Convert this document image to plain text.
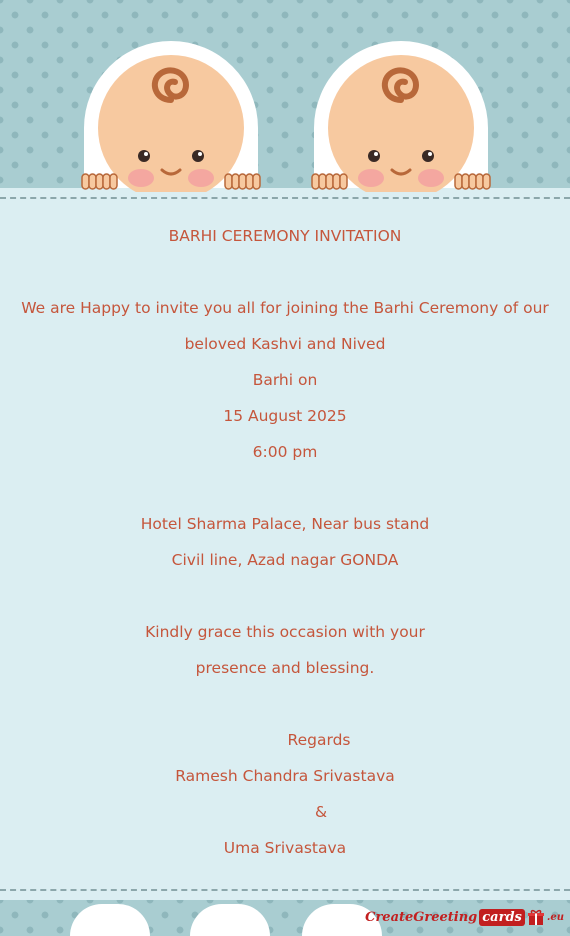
BARHI CEREMONY INVITATION
We are Happy to invite you all for joining the Barhi Ceremony of our
beloved Kashvi and Nived
Barhi on
15 August 2025
6:00 pm
Hotel Sharma Palace, Near bus stand
Civil line, Azad nagar GONDA
Kindly grace this occasion with your
presence and blessing.
Regards
Ramesh Chandra Srivastava
&
Uma Srivastava
CreateGreeting cards	.eu
